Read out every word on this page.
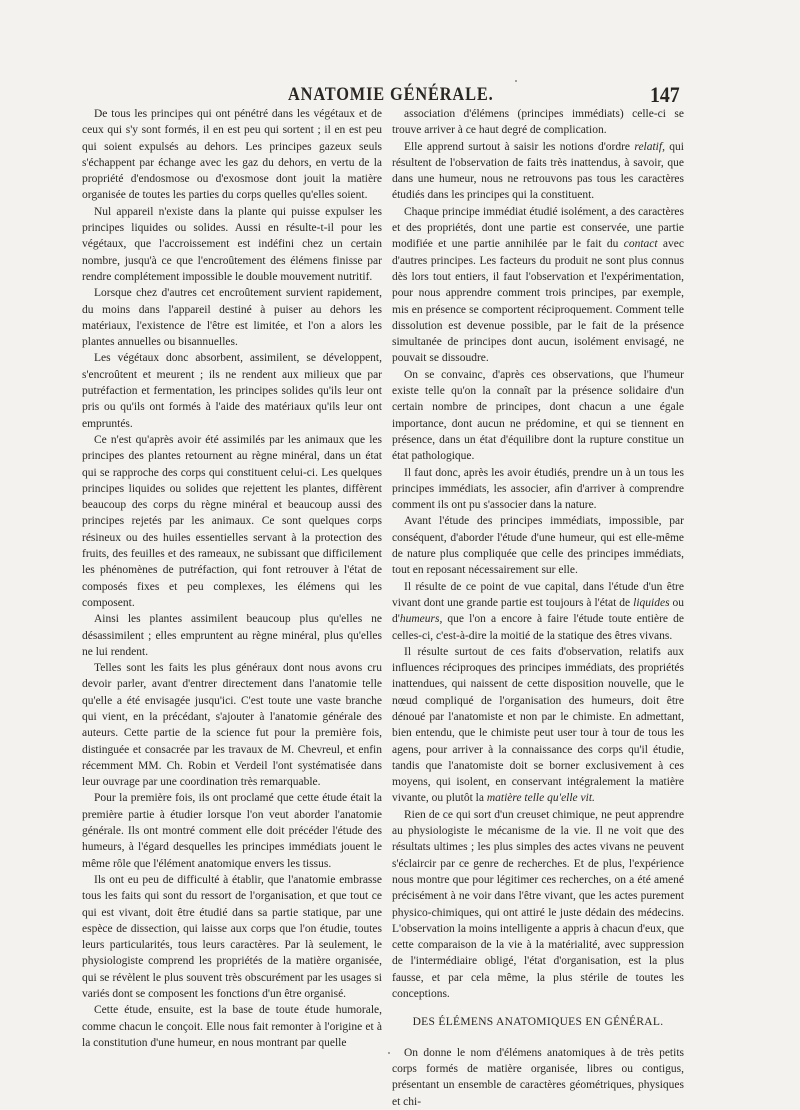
ANATOMIE GÉNÉRALE.	147

De tous les principes qui ont pénétré dans les végétaux et de ceux qui s'y sont formés, il en est peu qui sortent ; il en est peu qui soient expulsés au dehors. Les principes gazeux seuls s'échappent par échange avec les gaz du dehors, en vertu de la propriété d'endosmose ou d'exosmose dont jouit la matière organisée de toutes les parties du corps quelles qu'elles soient.

Nul appareil n'existe dans la plante qui puisse expulser les principes liquides ou solides. Aussi en résulte-t-il pour les végétaux, que l'accroissement est indéfini chez un certain nombre, jusqu'à ce que l'encroûtement des élémens finisse par rendre complétement impossible le double mouvement nutritif.

Lorsque chez d'autres cet encroûtement survient rapidement, du moins dans l'appareil destiné à puiser au dehors les matériaux, l'existence de l'être est limitée, et l'on a alors les plantes annuelles ou bisannuelles.

Les végétaux donc absorbent, assimilent, se développent, s'encroûtent et meurent ; ils ne rendent aux milieux que par putréfaction et fermentation, les principes solides qu'ils leur ont pris ou qu'ils ont formés à l'aide des matériaux qu'ils leur ont empruntés.

Ce n'est qu'après avoir été assimilés par les animaux que les principes des plantes retournent au règne minéral, dans un état qui se rapproche des corps qui constituent celui-ci. Les quelques principes liquides ou solides que rejettent les plantes, diffèrent beaucoup des corps du règne minéral et beaucoup aussi des principes rejetés par les animaux. Ce sont quelques corps résineux ou des huiles essentielles servant à la protection des fruits, des feuilles et des rameaux, ne subissant que difficilement les phénomènes de putréfaction, qui font retrouver à l'état de composés fixes et peu complexes, les élémens qui les composent.

Ainsi les plantes assimilent beaucoup plus qu'elles ne désassimilent ; elles empruntent au règne minéral, plus qu'elles ne lui rendent.

Telles sont les faits les plus généraux dont nous avons cru devoir parler, avant d'entrer directement dans l'anatomie telle qu'elle a été envisagée jusqu'ici. C'est toute une vaste branche qui vient, en la précédant, s'ajouter à l'anatomie générale des auteurs. Cette partie de la science fut pour la première fois, distinguée et consacrée par les travaux de M. Chevreul, et enfin récemment MM. Ch. Robin et Verdeil l'ont systématisée dans leur ouvrage par une coordination très remarquable.

Pour la première fois, ils ont proclamé que cette étude était la première partie à étudier lorsque l'on veut aborder l'anatomie générale. Ils ont montré comment elle doit précéder l'étude des humeurs, à l'égard desquelles les principes immédiats jouent le même rôle que l'élément anatomique envers les tissus.

Ils ont eu peu de difficulté à établir, que l'anatomie embrasse tous les faits qui sont du ressort de l'organisation, et que tout ce qui est vivant, doit être étudié dans sa partie statique, par une espèce de dissection, qui laisse aux corps que l'on étudie, toutes leurs particularités, tous leurs caractères. Par là seulement, le physiologiste comprend les propriétés de la matière organisée, qui se révèlent le plus souvent très obscurément par les usages si variés dont se composent les fonctions d'un être organisé.

Cette étude, ensuite, est la base de toute étude humorale, comme chacun le conçoit. Elle nous fait remonter à l'origine et à la constitution d'une humeur, en nous montrant par quelle

association d'élémens (principes immédiats) celle-ci se trouve arriver à ce haut degré de complication.

Elle apprend surtout à saisir les notions d'ordre relatif, qui résultent de l'observation de faits très inattendus, à savoir, que dans une humeur, nous ne retrouvons pas tous les caractères étudiés dans les principes qui la constituent.

Chaque principe immédiat étudié isolément, a des caractères et des propriétés, dont une partie est conservée, une partie modifiée et une partie annihilée par le fait du contact avec d'autres principes. Les facteurs du produit ne sont plus connus dès lors tout entiers, il faut l'observation et l'expérimentation, pour nous apprendre comment trois principes, par exemple, mis en présence se comportent réciproquement. Comment telle dissolution est devenue possible, par le fait de la présence simultanée de principes dont aucun, isolément envisagé, ne pouvait se dissoudre.

On se convainc, d'après ces observations, que l'humeur existe telle qu'on la connaît par la présence solidaire d'un certain nombre de principes, dont chacun a une égale importance, dont aucun ne prédomine, et qui se tiennent en présence, dans un état d'équilibre dont la rupture constitue un état pathologique.

Il faut donc, après les avoir étudiés, prendre un à un tous les principes immédiats, les associer, afin d'arriver à comprendre comment ils ont pu s'associer dans la nature.

Avant l'étude des principes immédiats, impossible, par conséquent, d'aborder l'étude d'une humeur, qui est elle-même de nature plus compliquée que celle des principes immédiats, tout en reposant nécessairement sur elle.

Il résulte de ce point de vue capital, dans l'étude d'un être vivant dont une grande partie est toujours à l'état de liquides ou d'humeurs, que l'on a encore à faire l'étude toute entière de celles-ci, c'est-à-dire la moitié de la statique des êtres vivans.

Il résulte surtout de ces faits d'observation, relatifs aux influences réciproques des principes immédiats, des propriétés inattendues, qui naissent de cette disposition nouvelle, que le nœud compliqué de l'organisation des humeurs, doit être dénoué par l'anatomiste et non par le chimiste. En admettant, bien entendu, que le chimiste peut user tour à tour de tous les agens, pour arriver à la connaissance des corps qu'il étudie, tandis que l'anatomiste doit se borner exclusivement à ces moyens, qui isolent, en conservant intégralement la matière vivante, ou plutôt la matière telle qu'elle vit.

Rien de ce qui sort d'un creuset chimique, ne peut apprendre au physiologiste le mécanisme de la vie. Il ne voit que des résultats ultimes ; les plus simples des actes vivans ne peuvent s'éclaircir par ce genre de recherches. Et de plus, l'expérience nous montre que pour légitimer ces recherches, on a été amené précisément à ne voir dans l'être vivant, que les actes purement physico-chimiques, qui ont attiré le juste dédain des médecins. L'observation la moins intelligente a appris à chacun d'eux, que cette comparaison de la vie à la matérialité, avec suppression de l'intermédiaire obligé, l'état d'organisation, est la plus fausse, et par cela même, la plus stérile de toutes les conceptions.

DES ÉLÉMENS ANATOMIQUES EN GÉNÉRAL.

On donne le nom d'élémens anatomiques à de très petits corps formés de matière organisée, libres ou contigus, présentant un ensemble de caractères géométriques, physiques et chi-
